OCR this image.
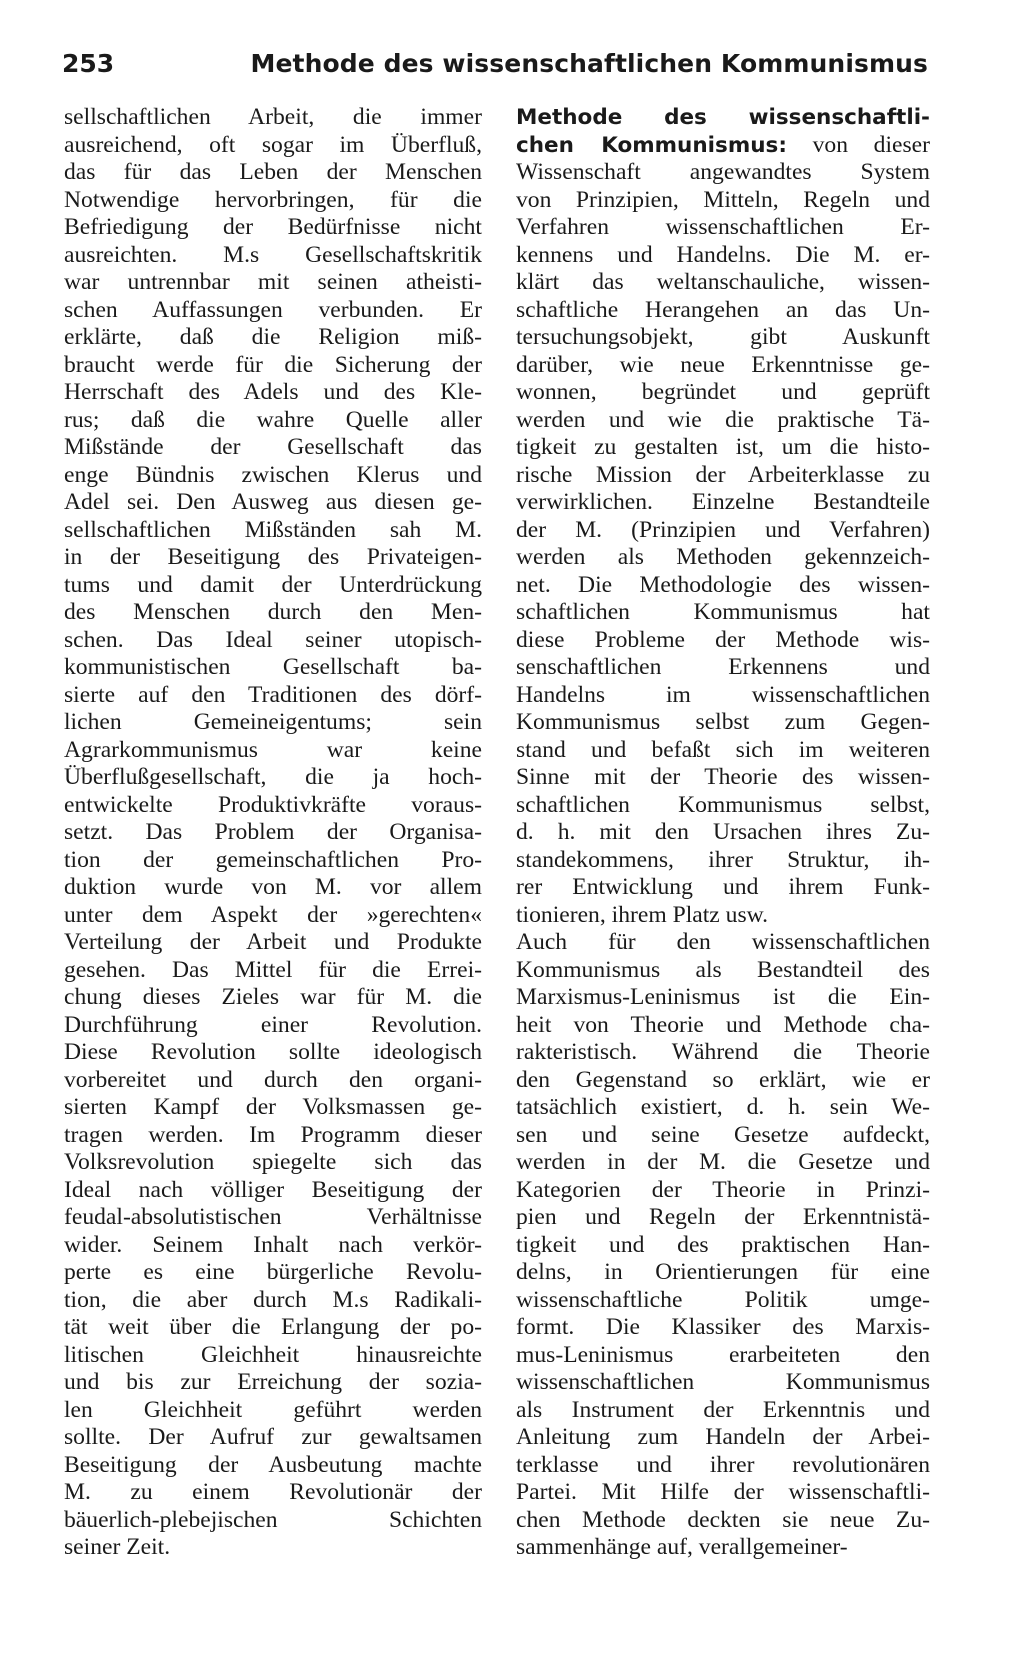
253	Methode des wissenschaftlichen Kommunismus
sellschaftlichen Arbeit, die immer
ausreichend, oft sogar im Überfluß,
das für das Leben der Menschen
Notwendige hervorbringen, für die
Befriedigung der Bedürfnisse nicht
ausreichten. M.s Gesellschaftskritik
war untrennbar mit seinen atheisti-
schen Auffassungen verbunden. Er
erklärte, daß die Religion miß-
braucht werde für die Sicherung der
Herrschaft des Adels und des Kle-
rus; daß die wahre Quelle aller
Mißstände der Gesellschaft das
enge Bündnis zwischen Klerus und
Adel sei. Den Ausweg aus diesen ge-
sellschaftlichen Mißständen sah M.
in der Beseitigung des Privateigen-
tums und damit der Unterdrückung
des Menschen durch den Men-
schen. Das Ideal seiner utopisch-
kommunistischen Gesellschaft ba-
sierte auf den Traditionen des dörf-
lichen Gemeineigentums; sein
Agrarkommunismus war keine
Überflußgesellschaft, die ja hoch-
entwickelte Produktivkräfte voraus-
setzt. Das Problem der Organisa-
tion der gemeinschaftlichen Pro-
duktion wurde von M. vor allem
unter dem Aspekt der »gerechten«
Verteilung der Arbeit und Produkte
gesehen. Das Mittel für die Errei-
chung dieses Zieles war für M. die
Durchführung einer Revolution.
Diese Revolution sollte ideologisch
vorbereitet und durch den organi-
sierten Kampf der Volksmassen ge-
tragen werden. Im Programm dieser
Volksrevolution spiegelte sich das
Ideal nach völliger Beseitigung der
feudal-absolutistischen Verhältnisse
wider. Seinem Inhalt nach verkör-
perte es eine bürgerliche Revolu-
tion, die aber durch M.s Radikali-
tät weit über die Erlangung der po-
litischen Gleichheit hinausreichte
und bis zur Erreichung der sozia-
len Gleichheit geführt werden
sollte. Der Aufruf zur gewaltsamen
Beseitigung der Ausbeutung machte
M. zu einem Revolutionär der
bäuerlich-plebejischen Schichten
seiner Zeit.
Methode des wissenschaftli-
chen Kommunismus: von dieser
Wissenschaft angewandtes System
von Prinzipien, Mitteln, Regeln und
Verfahren wissenschaftlichen Er-
kennens und Handelns. Die M. er-
klärt das weltanschauliche, wissen-
schaftliche Herangehen an das Un-
tersuchungsobjekt, gibt Auskunft
darüber, wie neue Erkenntnisse ge-
wonnen, begründet und geprüft
werden und wie die praktische Tä-
tigkeit zu gestalten ist, um die histo-
rische Mission der Arbeiterklasse zu
verwirklichen. Einzelne Bestandteile
der M. (Prinzipien und Verfahren)
werden als Methoden gekennzeich-
net. Die Methodologie des wissen-
schaftlichen Kommunismus hat
diese Probleme der Methode wis-
senschaftlichen Erkennens und
Handelns im wissenschaftlichen
Kommunismus selbst zum Gegen-
stand und befaßt sich im weiteren
Sinne mit der Theorie des wissen-
schaftlichen Kommunismus selbst,
d. h. mit den Ursachen ihres Zu-
standekommens, ihrer Struktur, ih-
rer Entwicklung und ihrem Funk-
tionieren, ihrem Platz usw.
Auch für den wissenschaftlichen
Kommunismus als Bestandteil des
Marxismus-Leninismus ist die Ein-
heit von Theorie und Methode cha-
rakteristisch. Während die Theorie
den Gegenstand so erklärt, wie er
tatsächlich existiert, d. h. sein We-
sen und seine Gesetze aufdeckt,
werden in der M. die Gesetze und
Kategorien der Theorie in Prinzi-
pien und Regeln der Erkenntnistä-
tigkeit und des praktischen Han-
delns, in Orientierungen für eine
wissenschaftliche Politik umge-
formt. Die Klassiker des Marxis-
mus-Leninismus erarbeiteten den
wissenschaftlichen Kommunismus
als Instrument der Erkenntnis und
Anleitung zum Handeln der Arbei-
terklasse und ihrer revolutionären
Partei. Mit Hilfe der wissenschaftli-
chen Methode deckten sie neue Zu-
sammenhänge auf, verallgemeiner-
